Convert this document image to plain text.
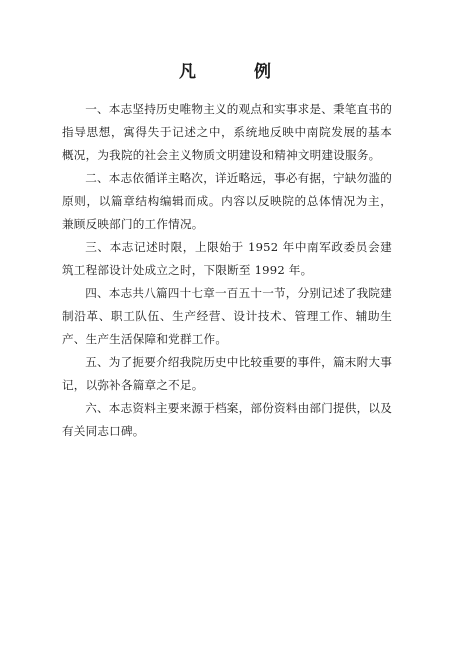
凡 例

一、本志坚持历史唯物主义的观点和实事求是、秉笔直书的指导思想，寓得失于记述之中，系统地反映中南院发展的基本概况，为我院的社会主义物质文明建设和精神文明建设服务。

二、本志依循详主略次，详近略远，事必有据，宁缺勿滥的原则，以篇章结构编辑而成。内容以反映院的总体情况为主，兼顾反映部门的工作情况。

三、本志记述时限，上限始于 1952 年中南军政委员会建筑工程部设计处成立之时，下限断至 1992 年。

四、本志共八篇四十七章一百五十一节，分别记述了我院建制沿革、职工队伍、生产经营、设计技术、管理工作、辅助生产、生产生活保障和党群工作。

五、为了扼要介绍我院历史中比较重要的事件，篇末附大事记，以弥补各篇章之不足。

六、本志资料主要来源于档案，部份资料由部门提供，以及有关同志口碑。
